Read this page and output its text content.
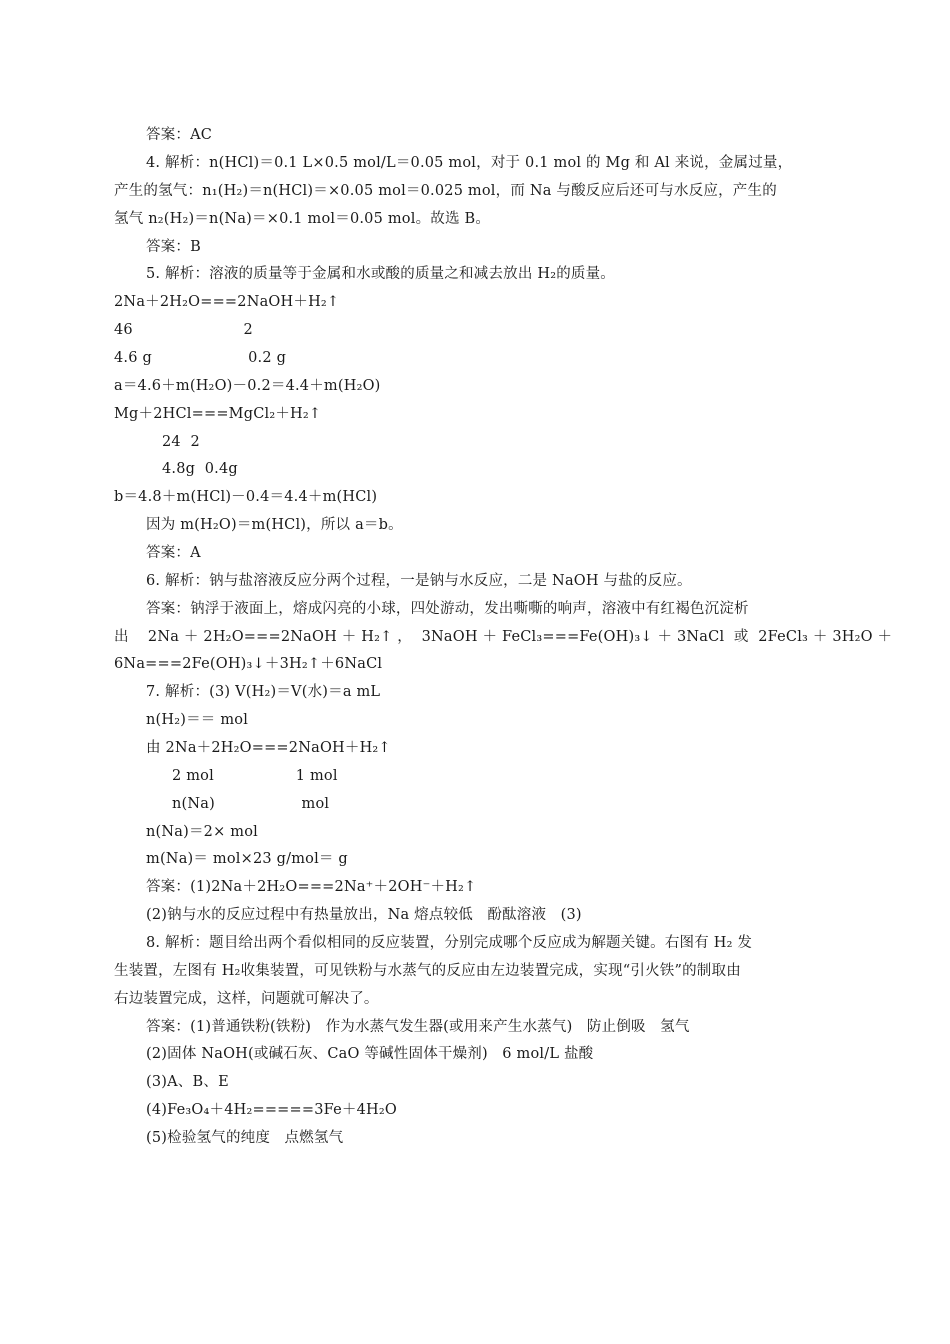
答案：AC
4. 解析：n(HCl)＝0.1 L×0.5 mol/L＝0.05 mol，对于 0.1 mol 的 Mg 和 Al 来说，金属过量，
产生的氢气：n₁(H₂)＝n(HCl)＝×0.05 mol＝0.025 mol，而 Na 与酸反应后还可与水反应，产生的
氢气 n₂(H₂)＝n(Na)＝×0.1 mol＝0.05 mol。故选 B。
答案：B
5. 解析：溶液的质量等于金属和水或酸的质量之和减去放出 H₂的质量。
2Na＋2H₂O===2NaOH＋H₂↑
46                       2
4.6 g                    0.2 g
a＝4.6＋m(H₂O)－0.2＝4.4＋m(H₂O)
Mg＋2HCl===MgCl₂＋H₂↑
24  2
4.8g  0.4g
b＝4.8＋m(HCl)－0.4＝4.4＋m(HCl)
因为 m(H₂O)＝m(HCl)，所以 a＝b。
答案：A
6. 解析：钠与盐溶液反应分两个过程，一是钠与水反应，二是 NaOH 与盐的反应。
答案：钠浮于液面上，熔成闪亮的小球，四处游动，发出嘶嘶的响声，溶液中有红褐色沉淀析
出    2Na ＋ 2H₂O===2NaOH ＋ H₂↑ ，  3NaOH ＋ FeCl₃===Fe(OH)₃↓ ＋ 3NaCl  或  2FeCl₃ ＋ 3H₂O ＋
6Na===2Fe(OH)₃↓＋3H₂↑＋6NaCl
7. 解析：(3) V(H₂)＝V(水)＝a mL
n(H₂)＝＝ mol
由 2Na＋2H₂O===2NaOH＋H₂↑
2 mol                 1 mol
n(Na)                  mol
n(Na)＝2× mol
m(Na)＝ mol×23 g/mol＝ g
答案：(1)2Na＋2H₂O===2Na⁺＋2OH⁻＋H₂↑
(2)钠与水的反应过程中有热量放出，Na 熔点较低   酚酞溶液   (3)
8. 解析：题目给出两个看似相同的反应装置，分别完成哪个反应成为解题关键。右图有 H₂ 发
生装置，左图有 H₂收集装置，可见铁粉与水蒸气的反应由左边装置完成，实现“引火铁”的制取由
右边装置完成，这样，问题就可解决了。
答案：(1)普通铁粉(铁粉)   作为水蒸气发生器(或用来产生水蒸气)   防止倒吸   氢气
(2)固体 NaOH(或碱石灰、CaO 等碱性固体干燥剂)   6 mol/L 盐酸
(3)A、B、E
(4)Fe₃O₄＋4H₂=====3Fe＋4H₂O
(5)检验氢气的纯度   点燃氢气
